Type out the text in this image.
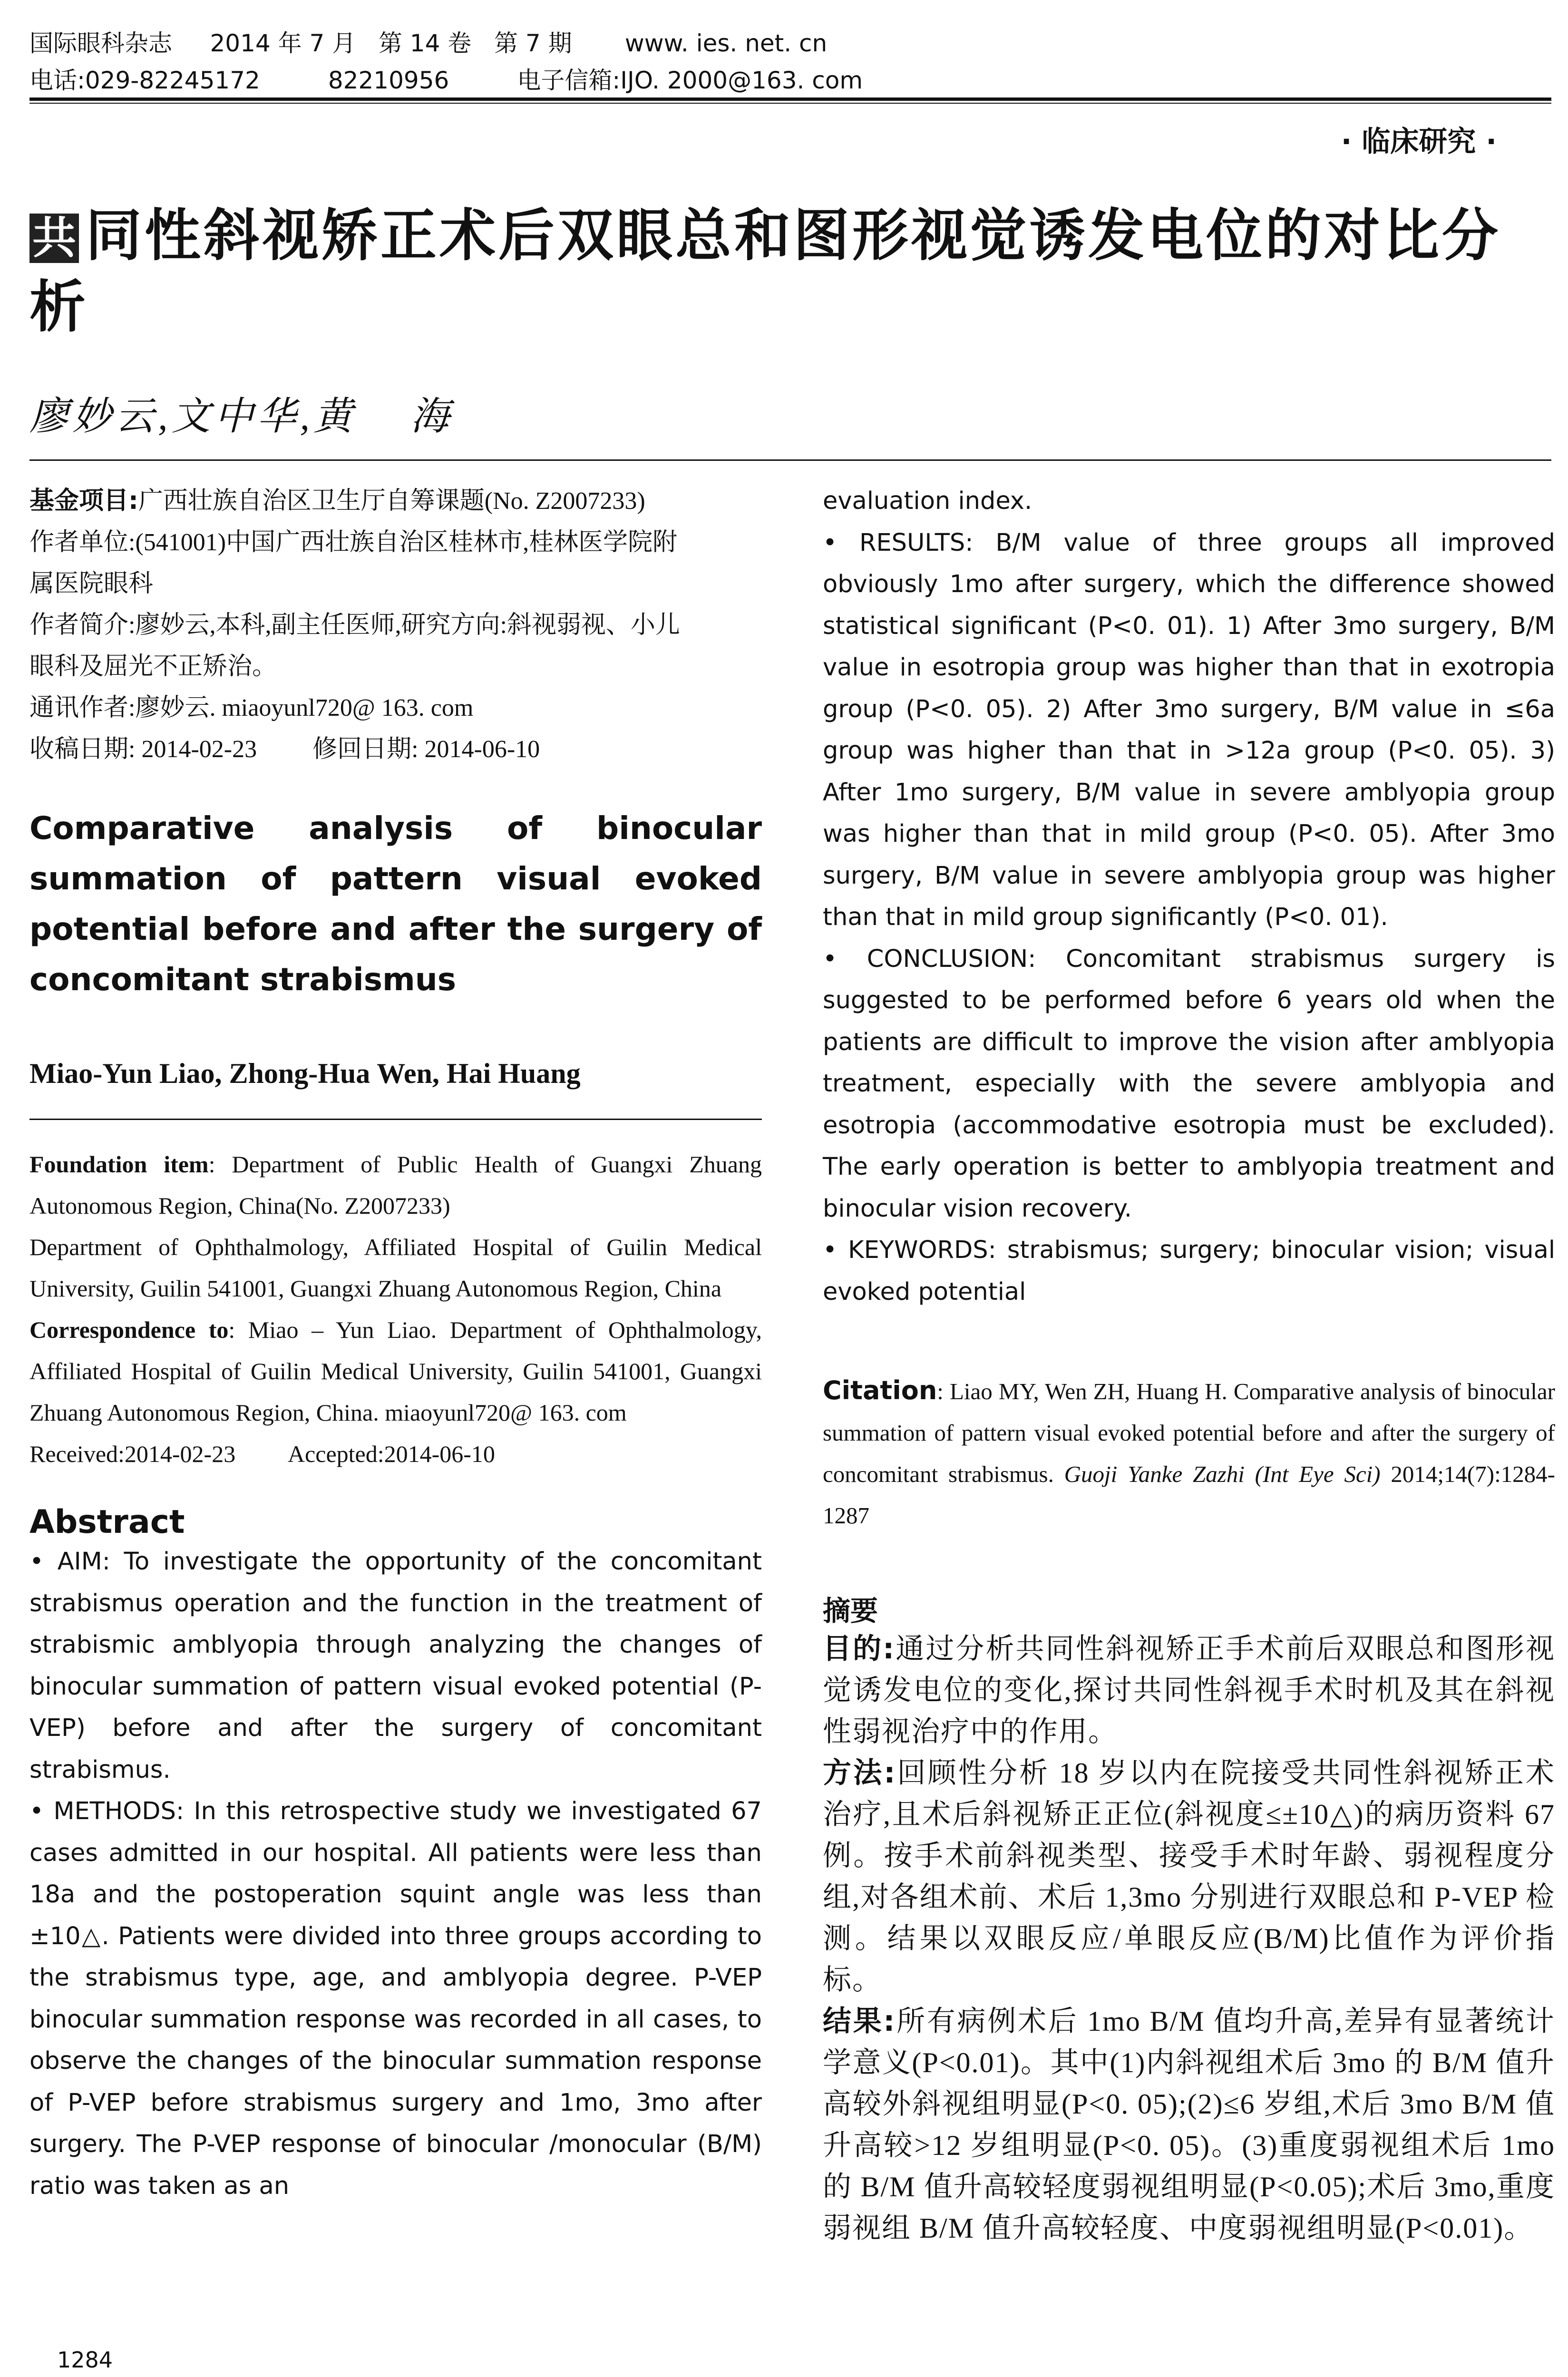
国际眼科杂志     2014 年 7 月   第 14 卷   第 7 期       www. ies. net. cn
电话:029-82245172         82210956         电子信箱:IJO. 2000@163. com
· 临床研究 ·
共 同性斜视矫正术后双眼总和图形视觉诱发电位的对比分析
廖妙云,文中华,黄    海

基金项目:广西壮族自治区卫生厅自筹课题(No. Z2007233)

作者单位:(541001)中国广西壮族自治区桂林市,桂林医学院附

属医院眼科

作者简介:廖妙云,本科,副主任医师,研究方向:斜视弱视、小儿

眼科及屈光不正矫治。

通讯作者:廖妙云. miaoyunl720@ 163. com

收稿日期: 2014-02-23         修回日期: 2014-06-10

Comparative analysis of binocular summation of pattern visual evoked potential before and after the surgery of concomitant strabismus

Miao-Yun Liao, Zhong-Hua Wen, Hai Huang

Foundation item: Department of Public Health of Guangxi Zhuang Autonomous Region, China(No. Z2007233)

Department of Ophthalmology, Affiliated Hospital of Guilin Medical University, Guilin 541001, Guangxi Zhuang Autonomous Region, China

Correspondence to: Miao – Yun Liao. Department of Ophthalmology, Affiliated Hospital of Guilin Medical University, Guilin 541001, Guangxi Zhuang Autonomous Region, China. miaoyunl720@ 163. com

Received:2014-02-23         Accepted:2014-06-10

Abstract

• AIM: To investigate the opportunity of the concomitant strabismus operation and the function in the treatment of strabismic amblyopia through analyzing the changes of binocular summation of pattern visual evoked potential (P-VEP) before and after the surgery of concomitant strabismus.

• METHODS: In this retrospective study we investigated 67 cases admitted in our hospital. All patients were less than 18a and the postoperation squint angle was less than ±10△. Patients were divided into three groups according to the strabismus type, age, and amblyopia degree. P-VEP binocular summation response was recorded in all cases, to observe the changes of the binocular summation response of P-VEP before strabismus surgery and 1mo, 3mo after surgery. The P-VEP response of binocular /monocular (B/M) ratio was taken as an

evaluation index.

• RESULTS: B/M value of three groups all improved obviously 1mo after surgery, which the difference showed statistical significant (P<0. 01). 1) After 3mo surgery, B/M value in esotropia group was higher than that in exotropia group (P<0. 05). 2) After 3mo surgery, B/M value in ≤6a group was higher than that in >12a group (P<0. 05). 3) After 1mo surgery, B/M value in severe amblyopia group was higher than that in mild group (P<0. 05). After 3mo surgery, B/M value in severe amblyopia group was higher than that in mild group significantly (P<0. 01).

• CONCLUSION: Concomitant strabismus surgery is suggested to be performed before 6 years old when the patients are difficult to improve the vision after amblyopia treatment, especially with the severe amblyopia and esotropia (accommodative esotropia must be excluded). The early operation is better to amblyopia treatment and binocular vision recovery.

• KEYWORDS: strabismus; surgery; binocular vision; visual evoked potential

Citation: Liao MY, Wen ZH, Huang H. Comparative analysis of binocular summation of pattern visual evoked potential before and after the surgery of concomitant strabismus. Guoji Yanke Zazhi (Int Eye Sci) 2014;14(7):1284-1287

摘要

目的:通过分析共同性斜视矫正手术前后双眼总和图形视觉诱发电位的变化,探讨共同性斜视手术时机及其在斜视性弱视治疗中的作用。

方法:回顾性分析 18 岁以内在院接受共同性斜视矫正术治疗,且术后斜视矫正正位(斜视度≤±10△)的病历资料 67 例。按手术前斜视类型、接受手术时年龄、弱视程度分组,对各组术前、术后 1,3mo 分别进行双眼总和 P-VEP 检测。结果以双眼反应/单眼反应(B/M)比值作为评价指标。

结果:所有病例术后 1mo B/M 值均升高,差异有显著统计学意义(P<0.01)。其中(1)内斜视组术后 3mo 的 B/M 值升高较外斜视组明显(P<0. 05);(2)≤6 岁组,术后 3mo B/M 值升高较>12 岁组明显(P<0. 05)。(3)重度弱视组术后 1mo 的 B/M 值升高较轻度弱视组明显(P<0.05);术后 3mo,重度弱视组 B/M 值升高较轻度、中度弱视组明显(P<0.01)。

1284
